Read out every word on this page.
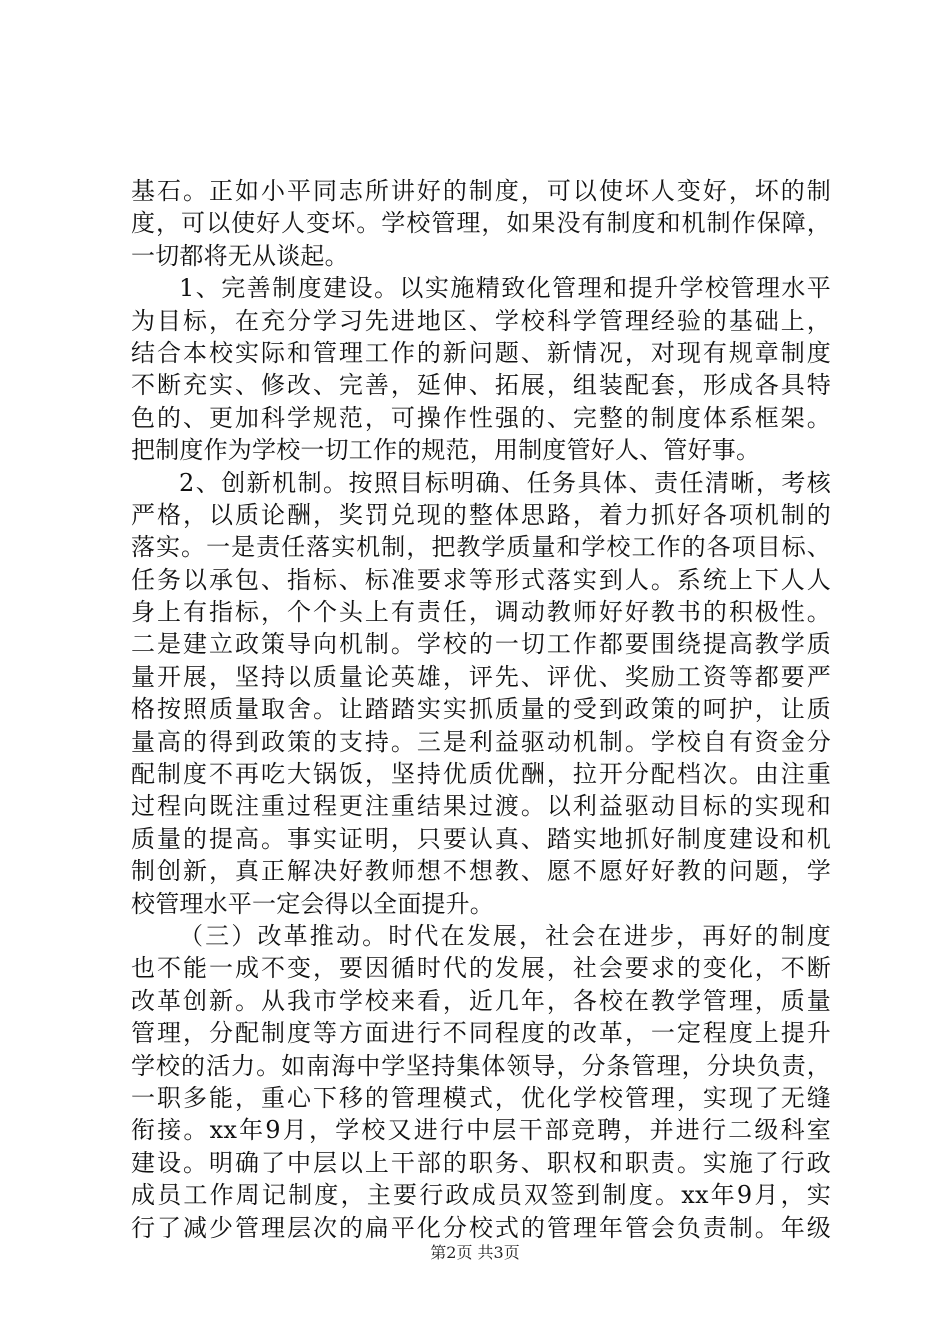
基石。正如小平同志所讲好的制度，可以使坏人变好，坏的制
度，可以使好人变坏。学校管理，如果没有制度和机制作保障，
一切都将无从谈起。
1、完善制度建设。以实施精致化管理和提升学校管理水平
为目标，在充分学习先进地区、学校科学管理经验的基础上，
结合本校实际和管理工作的新问题、新情况，对现有规章制度
不断充实、修改、完善，延伸、拓展，组装配套，形成各具特
色的、更加科学规范，可操作性强的、完整的制度体系框架。
把制度作为学校一切工作的规范，用制度管好人、管好事。
2、创新机制。按照目标明确、任务具体、责任清晰，考核
严格，以质论酬，奖罚兑现的整体思路，着力抓好各项机制的
落实。一是责任落实机制，把教学质量和学校工作的各项目标、
任务以承包、指标、标准要求等形式落实到人。系统上下人人
身上有指标，个个头上有责任，调动教师好好教书的积极性。
二是建立政策导向机制。学校的一切工作都要围绕提高教学质
量开展，坚持以质量论英雄，评先、评优、奖励工资等都要严
格按照质量取舍。让踏踏实实抓质量的受到政策的呵护，让质
量高的得到政策的支持。三是利益驱动机制。学校自有资金分
配制度不再吃大锅饭，坚持优质优酬，拉开分配档次。由注重
过程向既注重过程更注重结果过渡。以利益驱动目标的实现和
质量的提高。事实证明，只要认真、踏实地抓好制度建设和机
制创新，真正解决好教师想不想教、愿不愿好好教的问题，学
校管理水平一定会得以全面提升。
（三）改革推动。时代在发展，社会在进步，再好的制度
也不能一成不变，要因循时代的发展，社会要求的变化，不断
改革创新。从我市学校来看，近几年，各校在教学管理，质量
管理，分配制度等方面进行不同程度的改革，一定程度上提升
学校的活力。如南海中学坚持集体领导，分条管理，分块负责，
一职多能，重心下移的管理模式，优化学校管理，实现了无缝
衔接。xx年9月，学校又进行中层干部竞聘，并进行二级科室
建设。明确了中层以上干部的职务、职权和职责。实施了行政
成员工作周记制度，主要行政成员双签到制度。xx年9月，实
行了减少管理层次的扁平化分校式的管理年管会负责制。年级
第2页 共3页
